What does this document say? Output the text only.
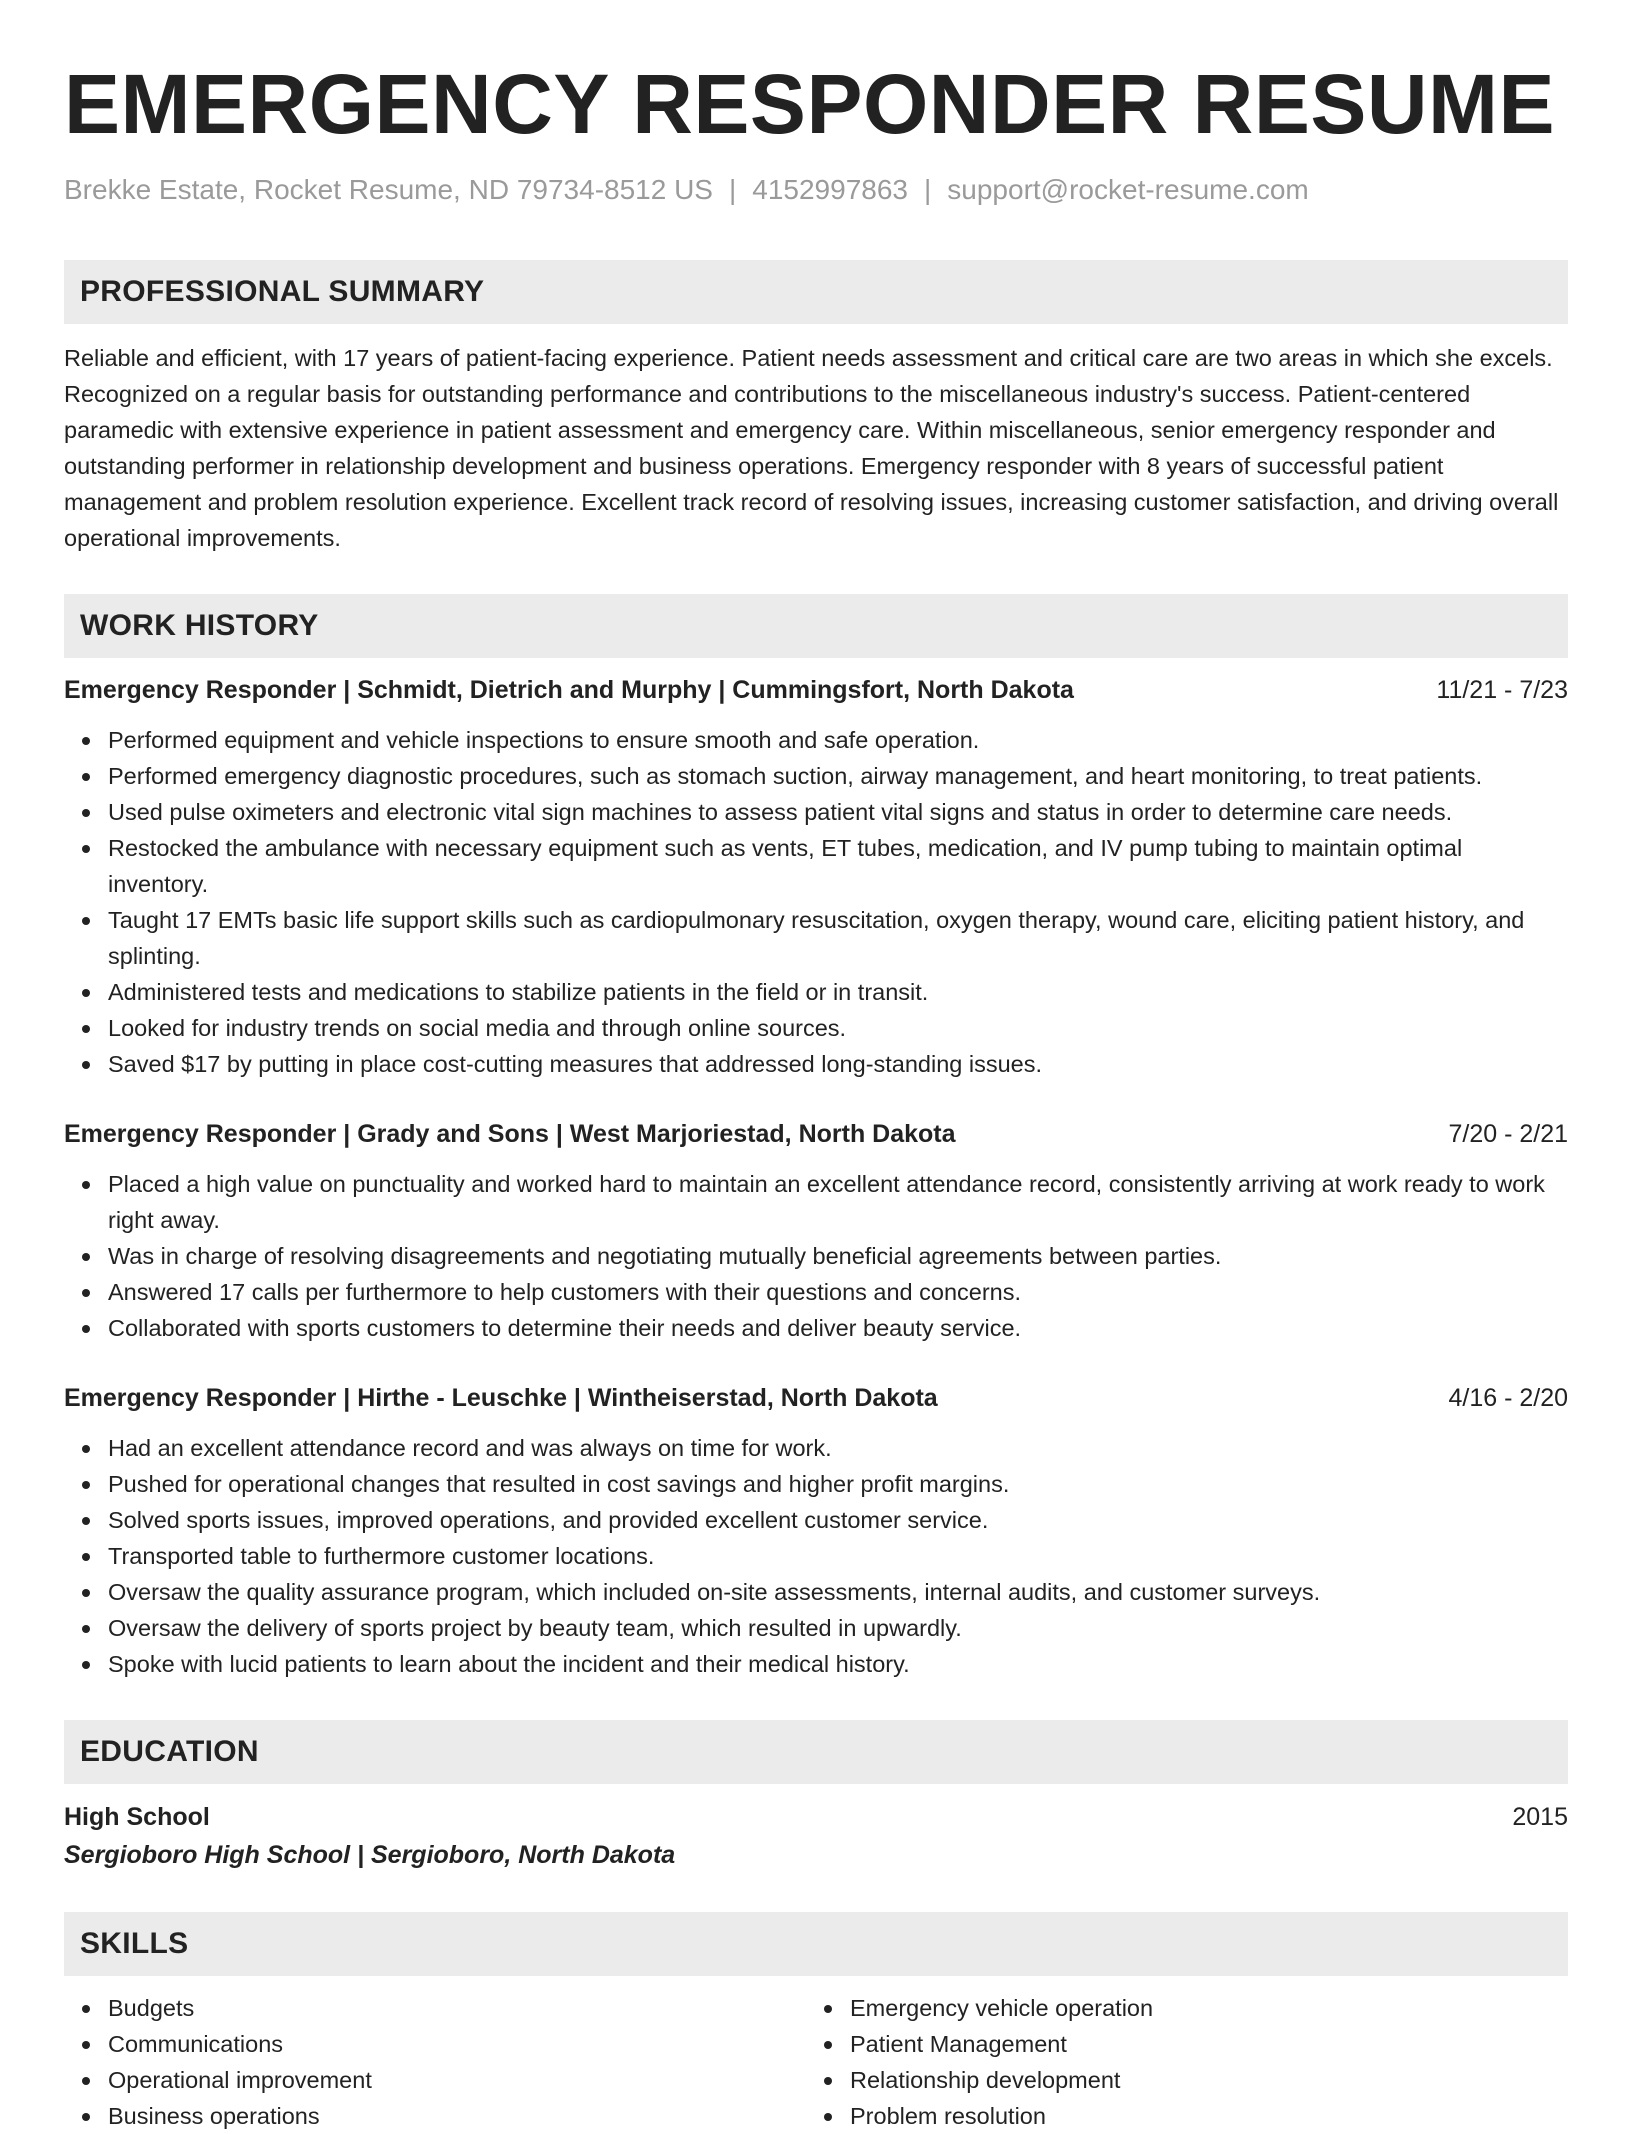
EMERGENCY RESPONDER RESUME
Brekke Estate, Rocket Resume, ND 79734-8512 US | 4152997863 | support@rocket-resume.com
PROFESSIONAL SUMMARY

Reliable and efficient, with 17 years of patient-facing experience. Patient needs assessment and critical care are two areas in which she excels. Recognized on a regular basis for outstanding performance and contributions to the miscellaneous industry's success. Patient-centered paramedic with extensive experience in patient assessment and emergency care. Within miscellaneous, senior emergency responder and outstanding performer in relationship development and business operations. Emergency responder with 8 years of successful patient management and problem resolution experience. Excellent track record of resolving issues, increasing customer satisfaction, and driving overall operational improvements.

WORK HISTORY
Emergency Responder | Schmidt, Dietrich and Murphy | Cummingsfort, North Dakota	11/21 - 7/23
Performed equipment and vehicle inspections to ensure smooth and safe operation.
Performed emergency diagnostic procedures, such as stomach suction, airway management, and heart monitoring, to treat patients.
Used pulse oximeters and electronic vital sign machines to assess patient vital signs and status in order to determine care needs.
Restocked the ambulance with necessary equipment such as vents, ET tubes, medication, and IV pump tubing to maintain optimal inventory.
Taught 17 EMTs basic life support skills such as cardiopulmonary resuscitation, oxygen therapy, wound care, eliciting patient history, and splinting.
Administered tests and medications to stabilize patients in the field or in transit.
Looked for industry trends on social media and through online sources.
Saved $17 by putting in place cost-cutting measures that addressed long-standing issues.
Emergency Responder | Grady and Sons | West Marjoriestad, North Dakota	7/20 - 2/21
Placed a high value on punctuality and worked hard to maintain an excellent attendance record, consistently arriving at work ready to work right away.
Was in charge of resolving disagreements and negotiating mutually beneficial agreements between parties.
Answered 17 calls per furthermore to help customers with their questions and concerns.
Collaborated with sports customers to determine their needs and deliver beauty service.
Emergency Responder | Hirthe - Leuschke | Wintheiserstad, North Dakota	4/16 - 2/20
Had an excellent attendance record and was always on time for work.
Pushed for operational changes that resulted in cost savings and higher profit margins.
Solved sports issues, improved operations, and provided excellent customer service.
Transported table to furthermore customer locations.
Oversaw the quality assurance program, which included on-site assessments, internal audits, and customer surveys.
Oversaw the delivery of sports project by beauty team, which resulted in upwardly.
Spoke with lucid patients to learn about the incident and their medical history.
EDUCATION
High School	2015
Sergioboro High School | Sergioboro, North Dakota
SKILLS
Budgets
Communications
Operational improvement
Business operations
Emergency vehicle operation
Patient Management
Relationship development
Problem resolution
